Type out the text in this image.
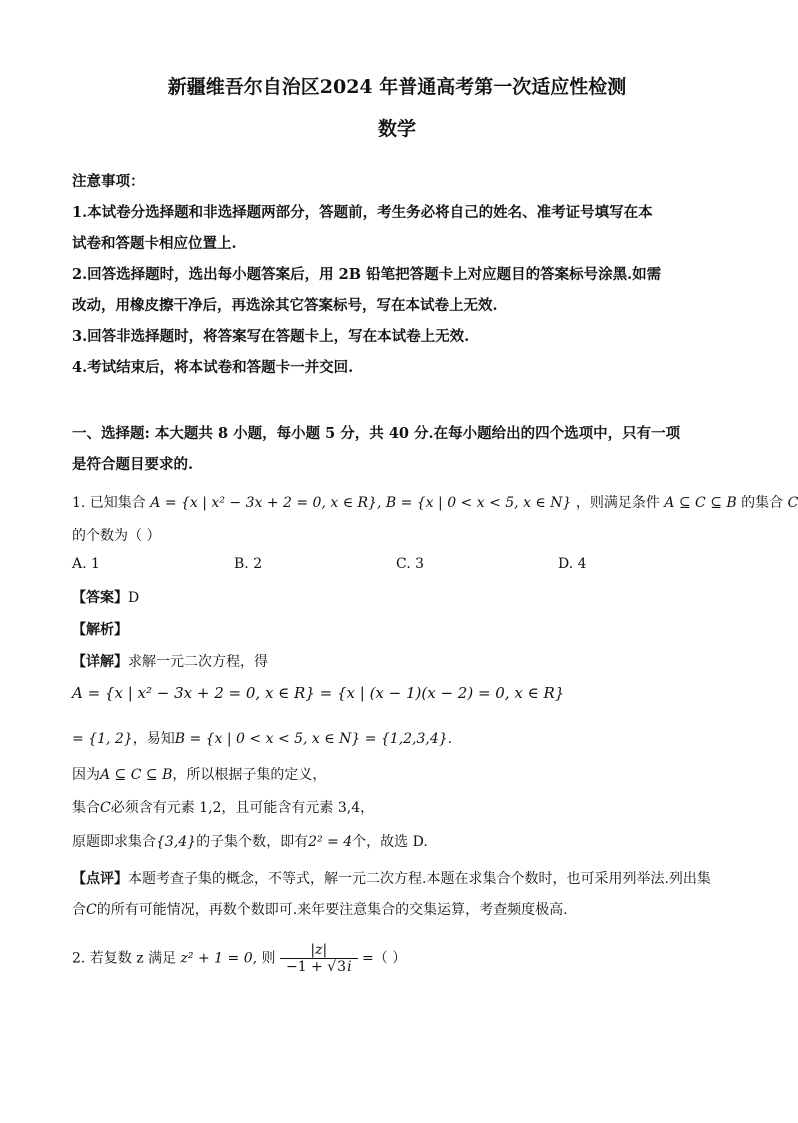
新疆维吾尔自治区2024 年普通高考第一次适应性检测
数学
注意事项：
1.本试卷分选择题和非选择题两部分，答题前，考生务必将自己的姓名、准考证号填写在本
试卷和答题卡相应位置上.
2.回答选择题时，选出每小题答案后，用 2B 铅笔把答题卡上对应题目的答案标号涂黑.如需
改动，用橡皮擦干净后，再选涂其它答案标号，写在本试卷上无效.
3.回答非选择题时，将答案写在答题卡上，写在本试卷上无效.
4.考试结束后，将本试卷和答题卡一并交回.
一、选择题: 本大题共 8 小题，每小题 5 分，共 40 分.在每小题给出的四个选项中，只有一项
是符合题目要求的.
1. 已知集合 A = {x | x² − 3x + 2 = 0, x ∈ R}, B = {x | 0 < x < 5, x ∈ N} ，则满足条件 A ⊆ C ⊆ B 的集合 C
的个数为（ ）
A. 1	B. 2	C. 3	D. 4
【答案】D
【解析】
【详解】求解一元二次方程，得
A = {x | x² − 3x + 2 = 0, x ∈ R} = {x | (x − 1)(x − 2) = 0, x ∈ R}
= {1, 2}，易知B = {x | 0 < x < 5, x ∈ N} = {1,2,3,4}.
因为A ⊆ C ⊆ B，所以根据子集的定义，
集合C必须含有元素 1,2，且可能含有元素 3,4，
原题即求集合{3,4}的子集个数，即有2² = 4个，故选 D.
【点评】本题考查子集的概念，不等式，解一元二次方程.本题在求集合个数时，也可采用列举法.列出集
合C的所有可能情况，再数个数即可.来年要注意集合的交集运算，考查频度极高.
2. 若复数 z 满足 z² + 1 = 0, 则 $\frac{|z|}{-1 + √3i}$ =（ ）
